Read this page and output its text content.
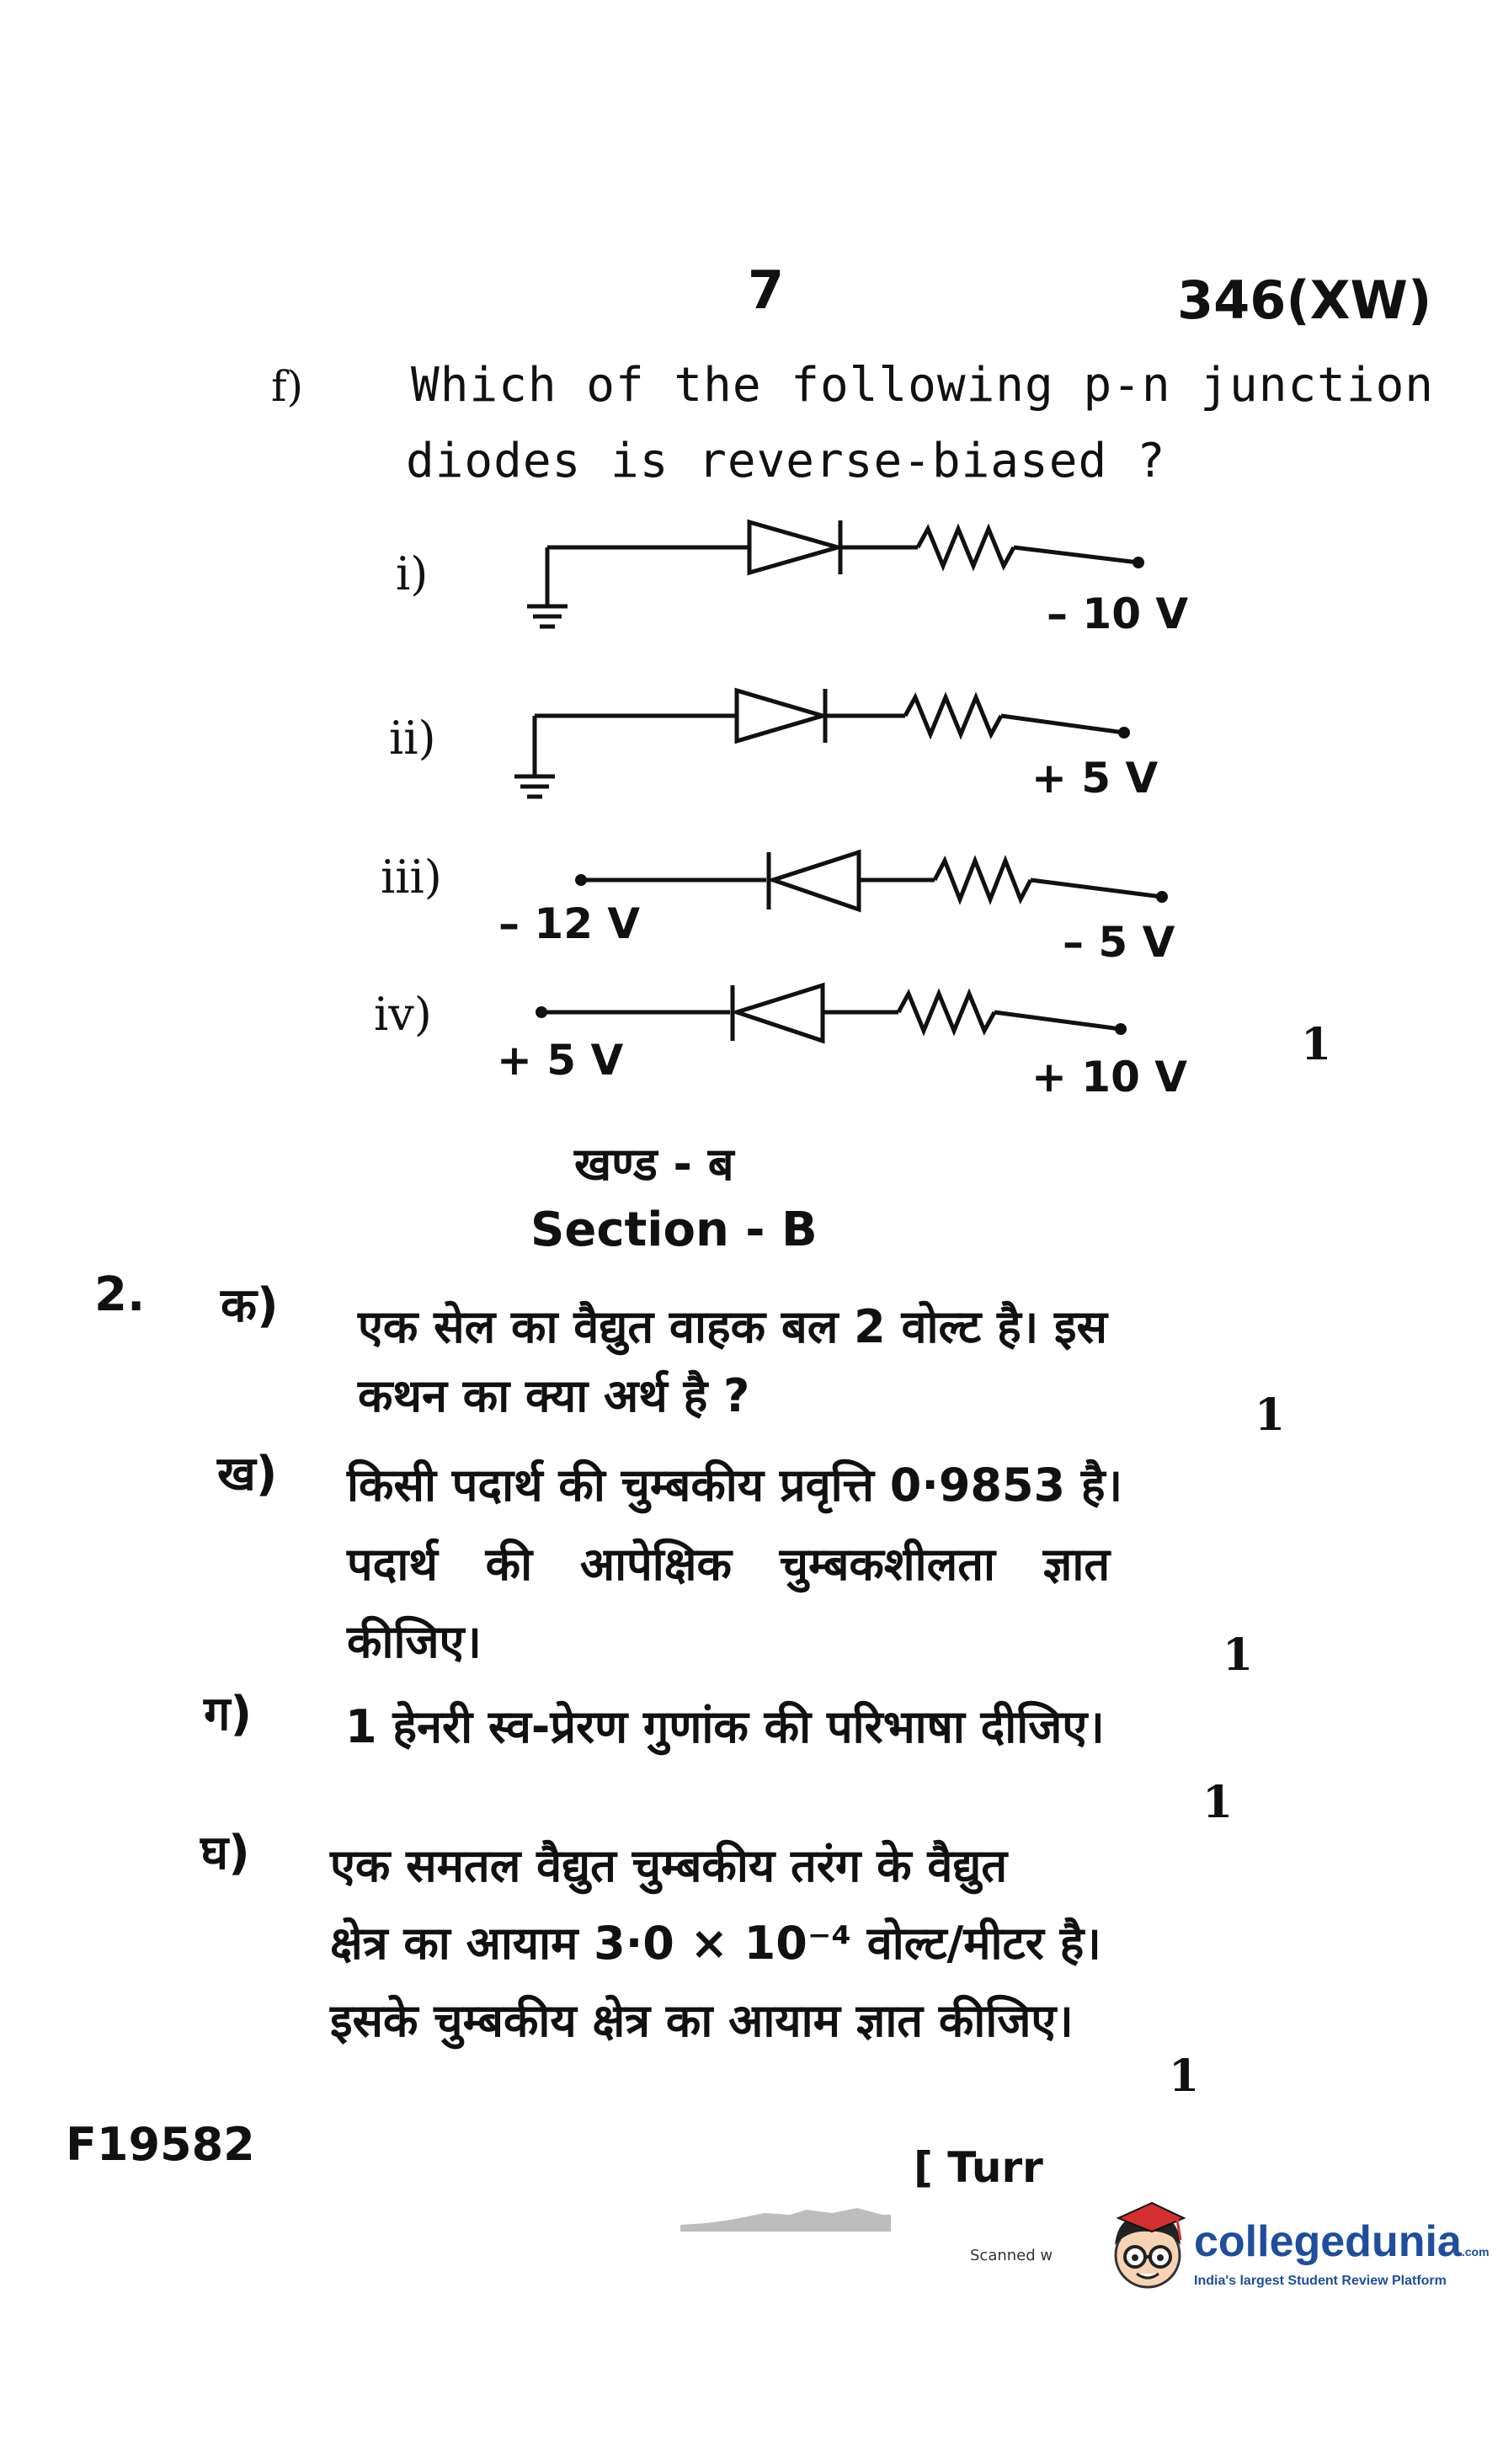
7	346(XW)
f) Which of the following p-n junction
diodes is reverse-biased ?
i)
– 10 V
ii)
+ 5 V
iii)
– 12 V	– 5 V
iv)
+ 5 V	+ 10 V
1
खण्ड - ब
Section - B
2. क) एक सेल का वैद्युत वाहक बल 2 वोल्ट है। इस
कथन का क्या अर्थ है ?	1
ख) किसी पदार्थ की चुम्बकीय प्रवृत्ति 0·9853 है।
पदार्थ की आपेक्षिक चुम्बकशीलता ज्ञात
कीजिए।	1
ग) 1 हेनरी स्व-प्रेरण गुणांक की परिभाषा दीजिए।
1
घ) एक समतल वैद्युत चुम्बकीय तरंग के वैद्युत
क्षेत्र का आयाम 3·0 × 10⁻⁴ वोल्ट/मीटर है।
इसके चुम्बकीय क्षेत्र का आयाम ज्ञात कीजिए।
1
F19582	[ Turr
Scanned w	collegedunia.com
India's largest Student Review Platform
